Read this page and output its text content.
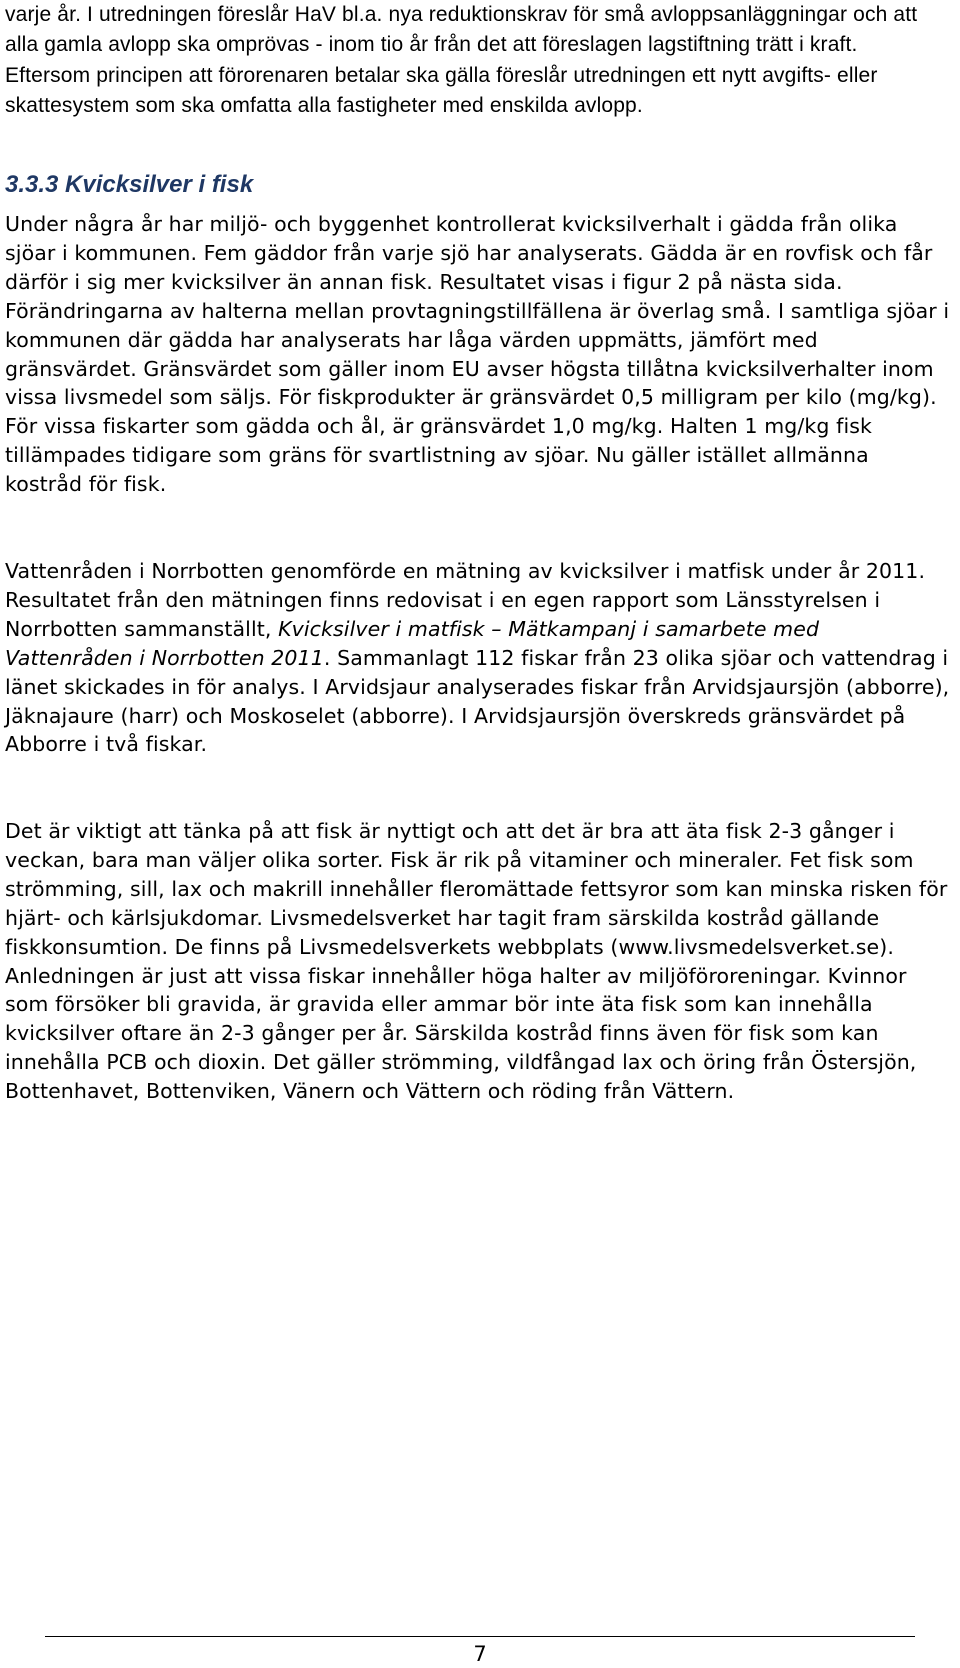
varje år. I utredningen föreslår HaV bl.a. nya reduktionskrav för små avloppsanläggningar och att alla gamla avlopp ska omprövas - inom tio år från det att föreslagen lagstiftning trätt i kraft. Eftersom principen att förorenaren betalar ska gälla föreslår utredningen ett nytt avgifts- eller skattesystem som ska omfatta alla fastigheter med enskilda avlopp.

3.3.3 Kvicksilver i fisk

Under några år har miljö- och byggenhet kontrollerat kvicksilverhalt i gädda från olika sjöar i kommunen. Fem gäddor från varje sjö har analyserats. Gädda är en rovfisk och får därför i sig mer kvicksilver än annan fisk. Resultatet visas i figur 2 på nästa sida. Förändringarna av halterna mellan provtagningstillfällena är överlag små. I samtliga sjöar i kommunen där gädda har analyserats har låga värden uppmätts, jämfört med gränsvärdet. Gränsvärdet som gäller inom EU avser högsta tillåtna kvicksilverhalter inom vissa livsmedel som säljs. För fiskprodukter är gränsvärdet 0,5 milligram per kilo (mg/kg). För vissa fiskarter som gädda och ål, är gränsvärdet 1,0 mg/kg. Halten 1 mg/kg fisk tillämpades tidigare som gräns för svartlistning av sjöar. Nu gäller istället allmänna kostråd för fisk.

Vattenråden i Norrbotten genomförde en mätning av kvicksilver i matfisk under år 2011. Resultatet från den mätningen finns redovisat i en egen rapport som Länsstyrelsen i Norrbotten sammanställt, Kvicksilver i matfisk – Mätkampanj i samarbete med Vattenråden i Norrbotten 2011. Sammanlagt 112 fiskar från 23 olika sjöar och vattendrag i länet skickades in för analys. I Arvidsjaur analyserades fiskar från Arvidsjaursjön (abborre), Jäknajaure (harr) och Moskoselet (abborre). I Arvidsjaursjön överskreds gränsvärdet på Abborre i två fiskar.

Det är viktigt att tänka på att fisk är nyttigt och att det är bra att äta fisk 2-3 gånger i veckan, bara man väljer olika sorter. Fisk är rik på vitaminer och mineraler. Fet fisk som strömming, sill, lax och makrill innehåller fleromättade fettsyror som kan minska risken för hjärt- och kärlsjukdomar. Livsmedelsverket har tagit fram särskilda kostråd gällande fiskkonsumtion. De finns på Livsmedelsverkets webbplats (www.livsmedelsverket.se). Anledningen är just att vissa fiskar innehåller höga halter av miljöföroreningar. Kvinnor som försöker bli gravida, är gravida eller ammar bör inte äta fisk som kan innehålla kvicksilver oftare än 2-3 gånger per år. Särskilda kostråd finns även för fisk som kan innehålla PCB och dioxin. Det gäller strömming, vildfångad lax och öring från Östersjön, Bottenhavet, Bottenviken, Vänern och Vättern och röding från Vättern.

7
